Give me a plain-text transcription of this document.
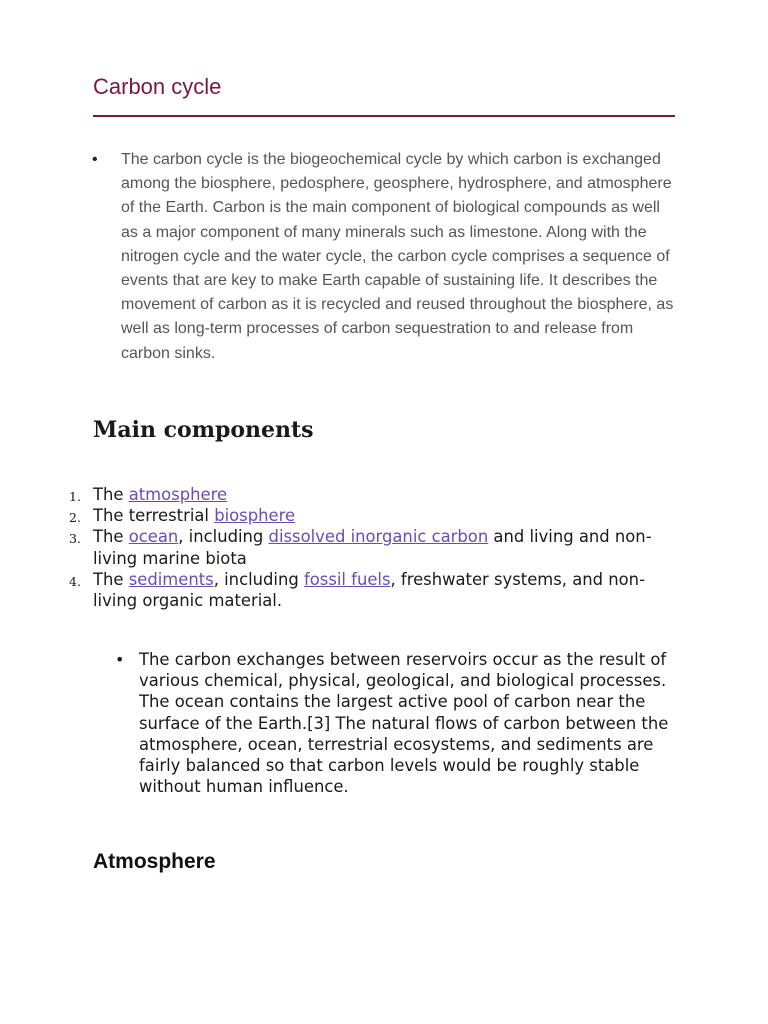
Carbon cycle
• The carbon cycle is the biogeochemical cycle by which carbon is exchanged among the biosphere, pedosphere, geosphere, hydrosphere, and atmosphere of the Earth. Carbon is the main component of biological compounds as well as a major component of many minerals such as limestone. Along with the nitrogen cycle and the water cycle, the carbon cycle comprises a sequence of events that are key to make Earth capable of sustaining life. It describes the movement of carbon as it is recycled and reused throughout the biosphere, as well as long-term processes of carbon sequestration to and release from carbon sinks.
Main components
1. The atmosphere
2. The terrestrial biosphere
3. The ocean, including dissolved inorganic carbon and living and non-living marine biota
4. The sediments, including fossil fuels, freshwater systems, and non-living organic material.
• The carbon exchanges between reservoirs occur as the result of various chemical, physical, geological, and biological processes. The ocean contains the largest active pool of carbon near the surface of the Earth.[3] The natural flows of carbon between the atmosphere, ocean, terrestrial ecosystems, and sediments are fairly balanced so that carbon levels would be roughly stable without human influence.
Atmosphere
